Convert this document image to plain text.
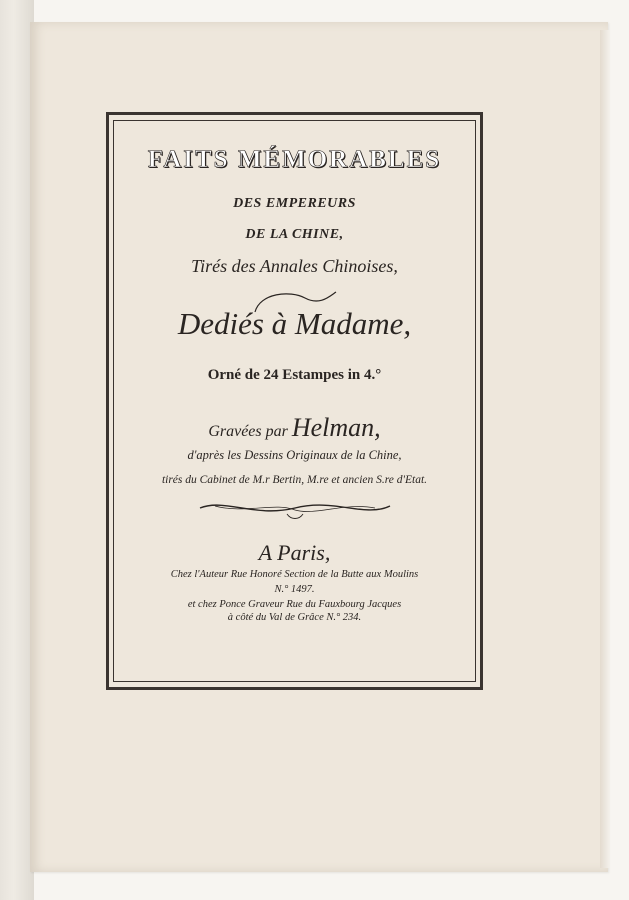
FAITS MÉMORABLES

DES EMPEREURS

DE LA CHINE,

Tirés des Annales Chinoises,

Dediés à Madame,

Orné de 24 Estampes in 4.°

Gravées par Helman,

d'après les Dessins Originaux de la Chine,

tirés du Cabinet de M.r Bertin, M.re et ancien S.re d'Etat.

A Paris,

Chez l'Auteur Rue Honoré Section de la Butte aux Moulins

N.° 1497.

et chez Ponce Graveur Rue du Fauxbourg Jacques

à côté du Val de Grâce N.° 234.
